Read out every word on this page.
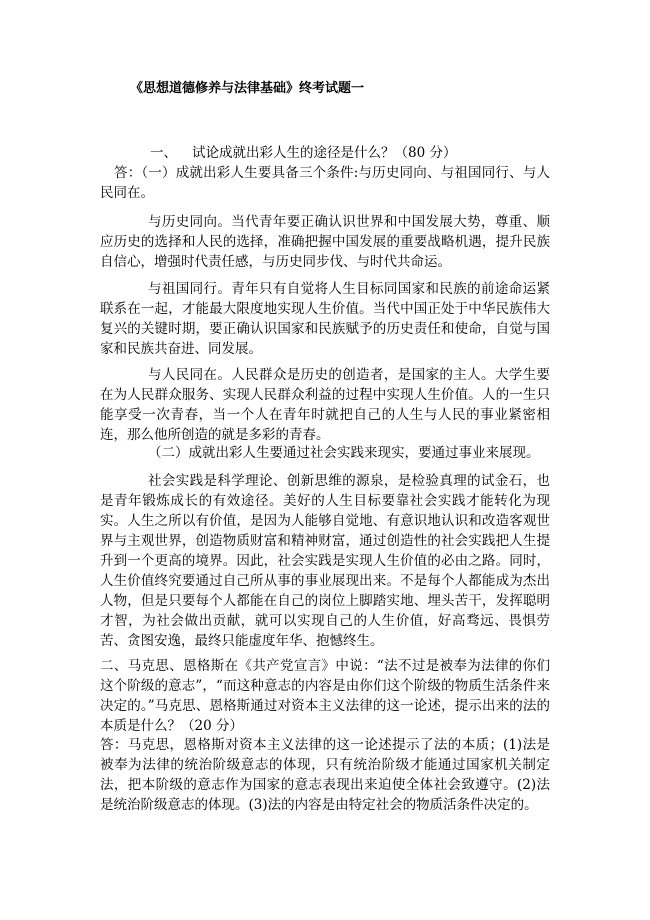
《思想道德修养与法律基础》终考试题一
一、 试论成就出彩人生的途径是什么？（80 分）

答：（一）成就出彩人生要具备三个条件:与历史同向、与祖国同行、与人民同在。

与历史同向。当代青年要正确认识世界和中国发展大势，尊重、顺应历史的选择和人民的选择，准确把握中国发展的重要战略机遇，提升民族自信心，增强时代责任感，与历史同步伐、与时代共命运。

与祖国同行。青年只有自觉将人生目标同国家和民族的前途命运紧联系在一起，才能最大限度地实现人生价值。当代中国正处于中华民族伟大复兴的关键时期，要正确认识国家和民族赋予的历史责任和使命，自觉与国家和民族共奋进、同发展。

与人民同在。人民群众是历史的创造者，是国家的主人。大学生要在为人民群众服务、实现人民群众利益的过程中实现人生价值。人的一生只能享受一次青春，当一个人在青年时就把自己的人生与人民的事业紧密相连，那么他所创造的就是多彩的青春。

（二）成就出彩人生要通过社会实践来现实，要通过事业来展现。

社会实践是科学理论、创新思维的源泉，是检验真理的试金石，也是青年锻炼成长的有效途径。美好的人生目标要靠社会实践才能转化为现实。人生之所以有价值，是因为人能够自觉地、有意识地认识和改造客观世界与主观世界，创造物质财富和精神财富，通过创造性的社会实践把人生提升到一个更高的境界。因此，社会实践是实现人生价值的必由之路。同时，人生价值终究要通过自己所从事的事业展现出来。不是每个人都能成为杰出人物，但是只要每个人都能在自己的岗位上脚踏实地、埋头苦干，发挥聪明才智，为社会做出贡献，就可以实现自己的人生价值，好高骛远、畏惧劳苦、贪图安逸，最终只能虚度年华、抱憾终生。

二、马克思、恩格斯在《共产党宣言》中说：“法不过是被奉为法律的你们这个阶级的意志”，“而这种意志的内容是由你们这个阶级的物质生活条件来决定的。”马克思、恩格斯通过对资本主义法律的这一论述，提示出来的法的本质是什么？（20 分）

答：马克思，恩格斯对资本主义法律的这一论述提示了法的本质；(1)法是被奉为法律的统治阶级意志的体现，只有统治阶级才能通过国家机关制定法，把本阶级的意志作为国家的意志表现出来迫使全体社会致遵守。(2)法是统治阶级意志的体现。(3)法的内容是由特定社会的物质活条件决定的。
